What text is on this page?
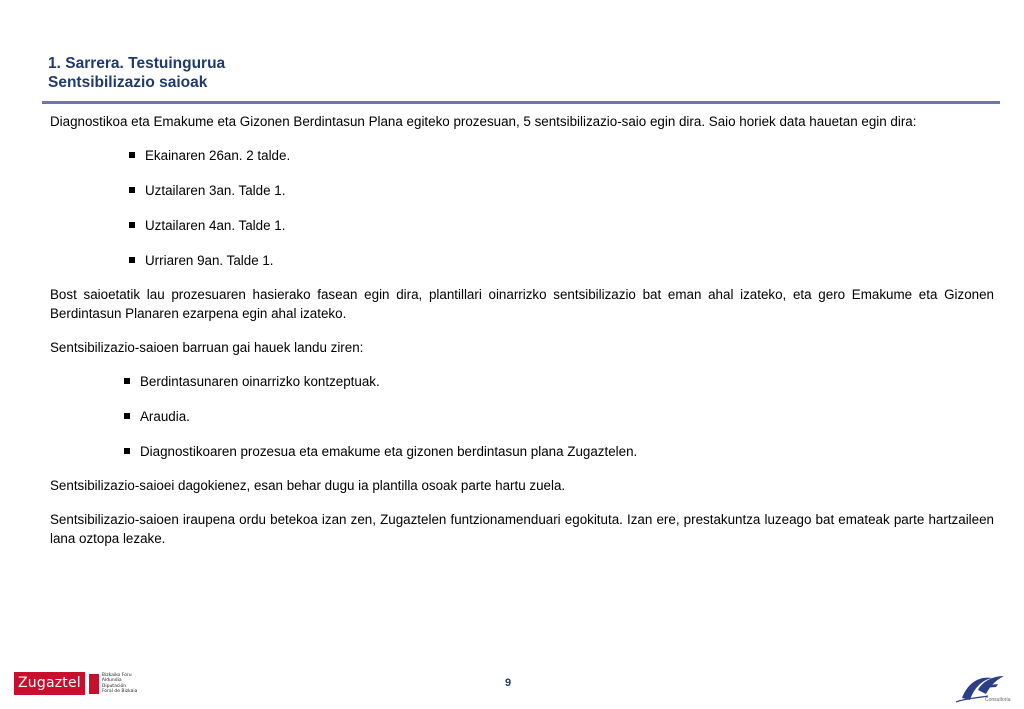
1. Sarrera. Testuingurua
Sentsibilizazio saioak

Diagnostikoa eta Emakume eta Gizonen Berdintasun Plana egiteko prozesuan, 5 sentsibilizazio-saio egin dira. Saio horiek data hauetan egin dira:

Ekainaren 26an. 2 talde.
Uztailaren 3an. Talde 1.
Uztailaren 4an. Talde 1.
Urriaren 9an. Talde 1.

Bost saioetatik lau prozesuaren hasierako fasean egin dira, plantillari oinarrizko sentsibilizazio bat eman ahal izateko, eta gero Emakume eta Gizonen Berdintasun Planaren ezarpena egin ahal izateko.

Sentsibilizazio-saioen barruan gai hauek landu ziren:

Berdintasunaren oinarrizko kontzeptuak.
Araudia.
Diagnostikoaren prozesua eta emakume eta gizonen berdintasun plana Zugaztelen.

Sentsibilizazio-saioei dagokienez, esan behar dugu ia plantilla osoak parte hartu zuela.

Sentsibilizazio-saioen iraupena ordu betekoa izan zen, Zugaztelen funtzionamenduari egokituta. Izan ere, prestakuntza luzeago bat emateak parte hartzaileen lana oztopa lezake.

Zugaztel	Bizkaiko Foru
Aldundia
Diputación
Foral de Bizkaia
9
Consultoría
